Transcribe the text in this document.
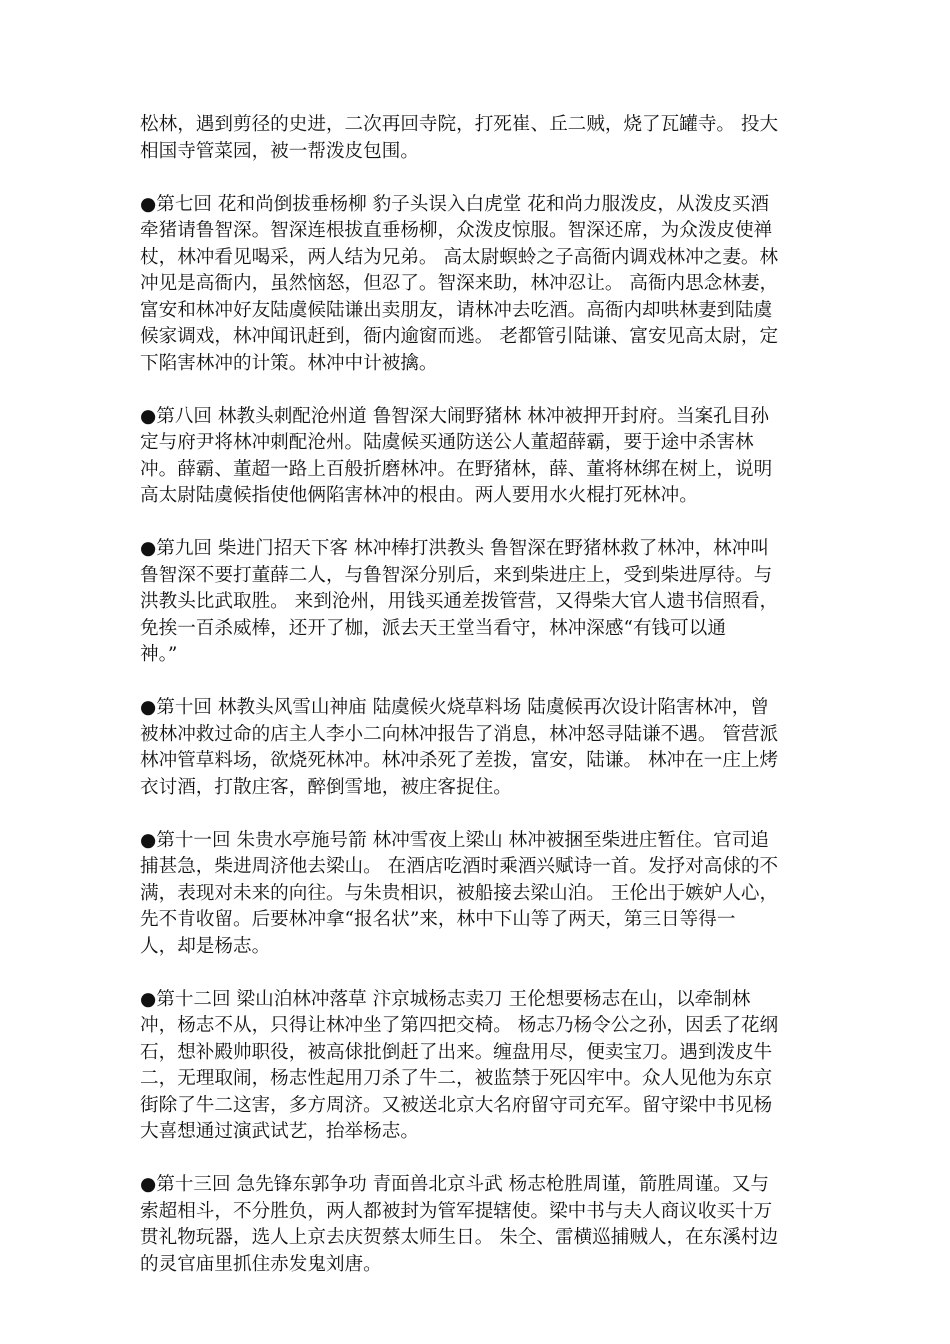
松林，遇到剪径的史进，二次再回寺院，打死崔、丘二贼，烧了瓦罐寺。 投大
相国寺管菜园，被一帮泼皮包围。

●第七回 花和尚倒拔垂杨柳 豹子头误入白虎堂 花和尚力服泼皮，从泼皮买酒
牵猪请鲁智深。智深连根拔直垂杨柳，众泼皮惊服。智深还席，为众泼皮使禅
杖，林冲看见喝采，两人结为兄弟。 高太尉螟蛉之子高衙内调戏林冲之妻。林
冲见是高衙内，虽然恼怒，但忍了。智深来助，林冲忍让。 高衙内思念林妻，
富安和林冲好友陆虞候陆谦出卖朋友，请林冲去吃酒。高衙内却哄林妻到陆虞
候家调戏，林冲闻讯赶到，衙内逾窗而逃。 老都管引陆谦、富安见高太尉，定
下陷害林冲的计策。林冲中计被擒。

●第八回 林教头刺配沧州道 鲁智深大闹野猪林 林冲被押开封府。当案孔目孙
定与府尹将林冲刺配沧州。陆虞候买通防送公人董超薛霸，要于途中杀害林
冲。薛霸、董超一路上百般折磨林冲。在野猪林，薛、董将林绑在树上，说明
高太尉陆虞候指使他俩陷害林冲的根由。两人要用水火棍打死林冲。

●第九回 柴进门招天下客 林冲棒打洪教头 鲁智深在野猪林救了林冲，林冲叫
鲁智深不要打董薛二人，与鲁智深分别后，来到柴进庄上，受到柴进厚待。与
洪教头比武取胜。 来到沧州，用钱买通差拨管营，又得柴大官人遗书信照看，
免挨一百杀威棒，还开了枷，派去天王堂当看守，林冲深感“有钱可以通
神。”

●第十回 林教头风雪山神庙 陆虞候火烧草料场 陆虞候再次设计陷害林冲，曾
被林冲救过命的店主人李小二向林冲报告了消息，林冲怒寻陆谦不遇。 管营派
林冲管草料场，欲烧死林冲。林冲杀死了差拨，富安，陆谦。 林冲在一庄上烤
衣讨酒，打散庄客，醉倒雪地，被庄客捉住。

●第十一回 朱贵水亭施号箭 林冲雪夜上梁山 林冲被捆至柴进庄暂住。官司追
捕甚急，柴进周济他去梁山。 在酒店吃酒时乘酒兴赋诗一首。发抒对高俅的不
满，表现对未来的向往。与朱贵相识，被船接去梁山泊。 王伦出于嫉妒人心，
先不肯收留。后要林冲拿“报名状”来，林中下山等了两天，第三日等得一
人，却是杨志。

●第十二回 梁山泊林冲落草 汴京城杨志卖刀 王伦想要杨志在山，以牵制林
冲，杨志不从，只得让林冲坐了第四把交椅。 杨志乃杨令公之孙，因丢了花纲
石，想补殿帅职役，被高俅批倒赶了出来。缠盘用尽，便卖宝刀。遇到泼皮牛
二，无理取闹，杨志性起用刀杀了牛二，被监禁于死囚牢中。众人见他为东京
街除了牛二这害，多方周济。又被送北京大名府留守司充军。留守梁中书见杨
大喜想通过演武试艺，抬举杨志。

●第十三回 急先锋东郭争功 青面兽北京斗武 杨志枪胜周谨，箭胜周谨。又与
索超相斗，不分胜负，两人都被封为管军提辖使。梁中书与夫人商议收买十万
贯礼物玩器，选人上京去庆贺蔡太师生日。 朱仝、雷横巡捕贼人，在东溪村边
的灵官庙里抓住赤发鬼刘唐。
